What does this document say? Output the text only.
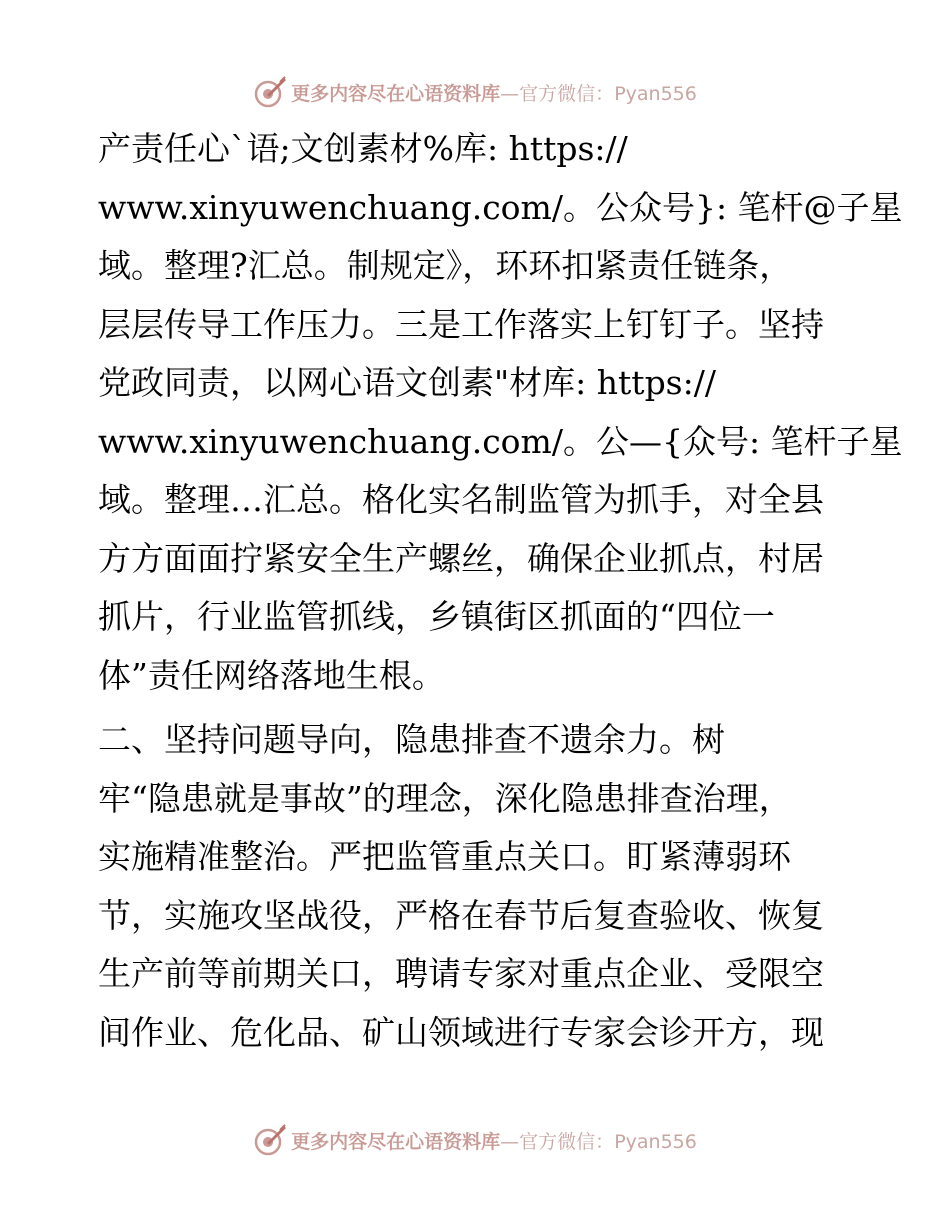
更多内容尽在心语资料库—官方微信：Pyan556
产责任心`语;文创素材%库: https://
www.xinyuwenchuang.com/。公众号}: 笔杆@子星
域。整理?汇总。制规定》，环环扣紧责任链条，
层层传导工作压力。三是工作落实上钉钉子。坚持
党政同责，以网心语文创素"材库: https://
www.xinyuwenchuang.com/。公—{众号: 笔杆子星
域。整理…汇总。格化实名制监管为抓手，对全县
方方面面拧紧安全生产螺丝，确保企业抓点，村居
抓片，行业监管抓线，乡镇街区抓面的“四位一
体”责任网络落地生根。
二、坚持问题导向，隐患排查不遗余力。树
牢“隐患就是事故”的理念，深化隐患排查治理，
实施精准整治。严把监管重点关口。盯紧薄弱环
节，实施攻坚战役，严格在春节后复查验收、恢复
生产前等前期关口，聘请专家对重点企业、受限空
间作业、危化品、矿山领域进行专家会诊开方，现
更多内容尽在心语资料库—官方微信：Pyan556
